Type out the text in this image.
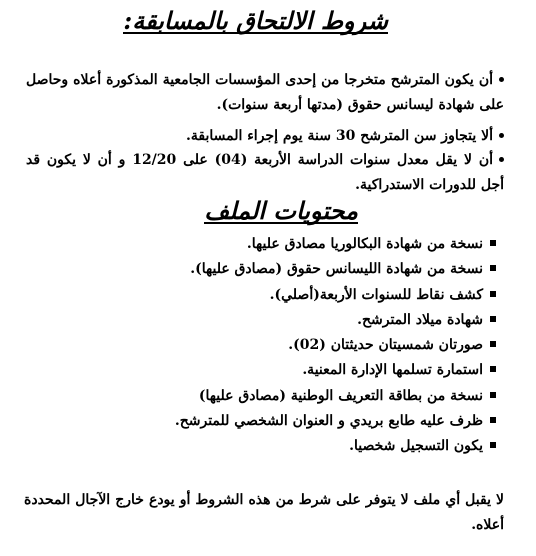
شروط الالتحاق بالمسابقة:
أن يكون المترشح متخرجا من إحدى المؤسسات الجامعية المذكورة أعلاه وحاصل على شهادة ليسانس حقوق (مدتها أربعة سنوات).
ألا يتجاوز سن المترشح 30 سنة يوم إجراء المسابقة.
أن لا يقل معدل سنوات الدراسة الأربعة (04) على 12/20 و أن لا يكون قد أجل للدورات الاستدراكية.
محتويات الملف
نسخة من شهادة البكالوريا مصادق عليها.
نسخة من شهادة الليسانس حقوق (مصادق عليها).
كشف نقاط للسنوات الأربعة(أصلي).
شهادة ميلاد المترشح.
صورتان شمسيتان حديثتان (02).
استمارة تسلمها الإدارة المعنية.
نسخة من بطاقة التعريف الوطنية (مصادق عليها)
ظرف عليه طابع بريدي و العنوان الشخصي للمترشح.
يكون التسجيل شخصيا.
لا يقبل أي ملف لا يتوفر على شرط من هذه الشروط أو يودع خارج الآجال المحددة أعلاه.
